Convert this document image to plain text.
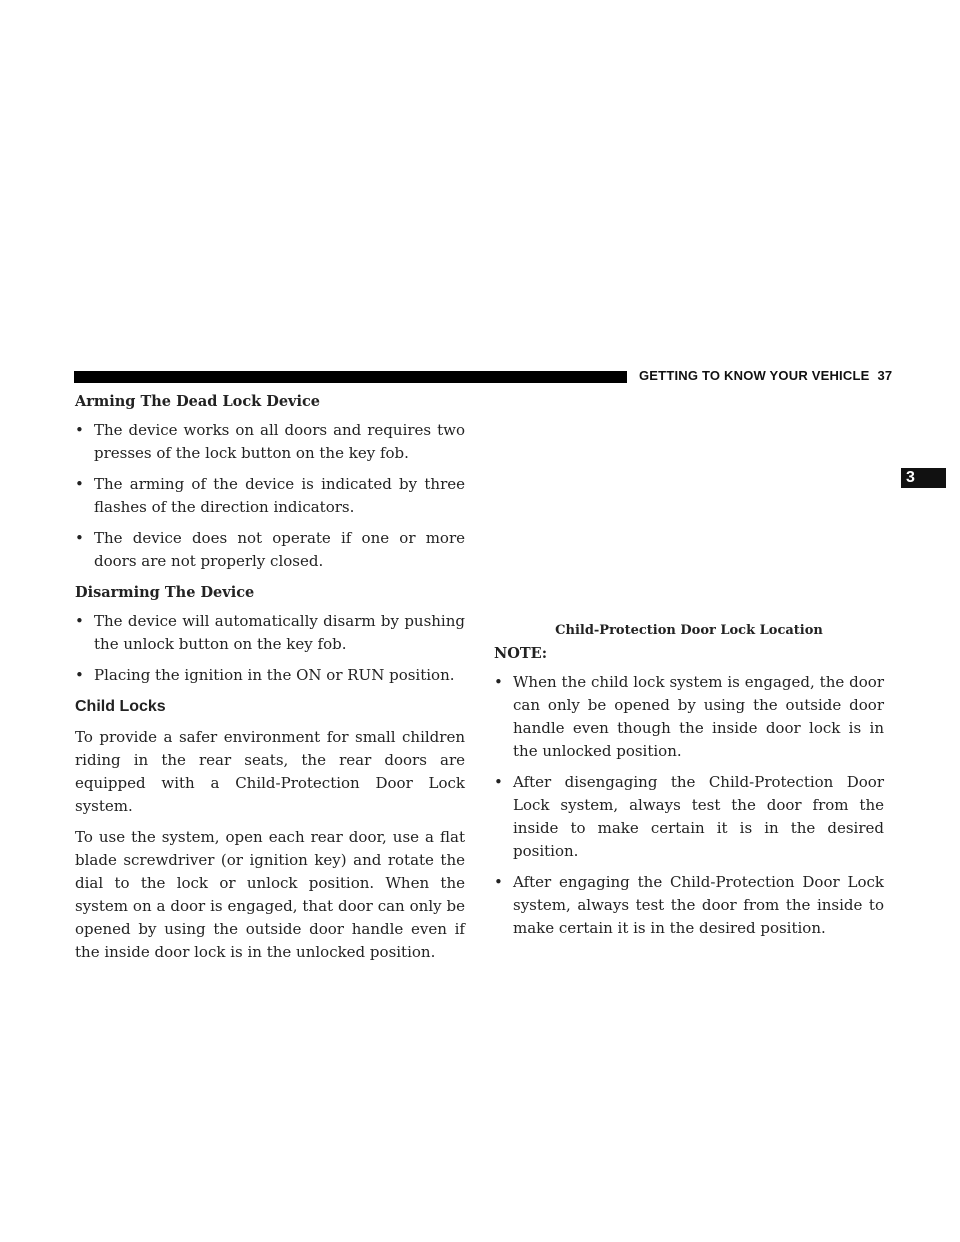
GETTING TO KNOW YOUR VEHICLE 37
3
Arming The Dead Lock Device
• The device works on all doors and requires two presses of the lock button on the key fob.
• The arming of the device is indicated by three flashes of the direction indicators.
• The device does not operate if one or more doors are not properly closed.
Disarming The Device
• The device will automatically disarm by pushing the unlock button on the key fob.
• Placing the ignition in the ON or RUN position.
Child Locks

To provide a safer environment for small children riding in the rear seats, the rear doors are equipped with a Child-Protection Door Lock system.

To use the system, open each rear door, use a flat blade screwdriver (or ignition key) and rotate the dial to the lock or unlock position. When the system on a door is engaged, that door can only be opened by using the outside door handle even if the inside door lock is in the unlocked position.

Child-Protection Door Lock Location
NOTE:
• When the child lock system is engaged, the door can only be opened by using the outside door handle even though the inside door lock is in the unlocked position.
• After disengaging the Child-Protection Door Lock system, always test the door from the inside to make certain it is in the desired position.
• After engaging the Child-Protection Door Lock system, always test the door from the inside to make certain it is in the desired position.
